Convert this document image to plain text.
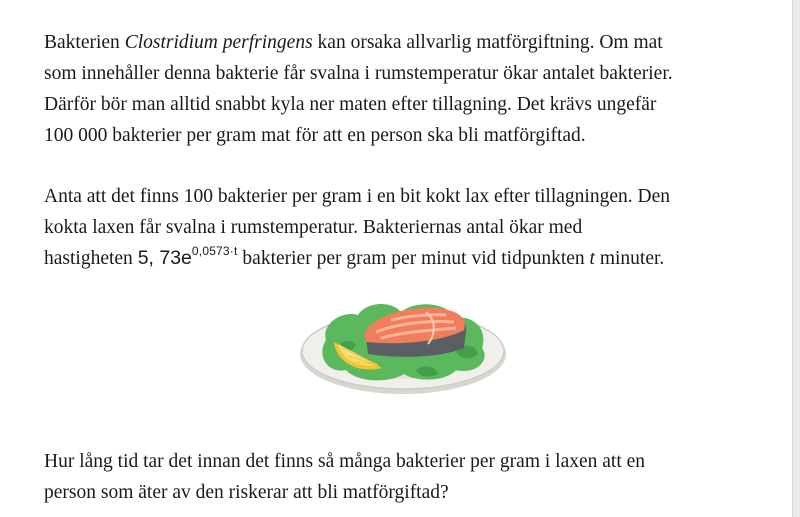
Bakterien Clostridium perfringens kan orsaka allvarlig matförgiftning. Om mat
som innehåller denna bakterie får svalna i rumstemperatur ökar antalet bakterier.
Därför bör man alltid snabbt kyla ner maten efter tillagning. Det krävs ungefär
100 000 bakterier per gram mat för att en person ska bli matförgiftad.

Anta att det finns 100 bakterier per gram i en bit kokt lax efter tillagningen. Den
kokta laxen får svalna i rumstemperatur. Bakteriernas antal ökar med
hastigheten 5, $73e^{0,0573\cdot t}$ bakterier per gram per minut vid tidpunkten t minuter.

Hur lång tid tar det innan det finns så många bakterier per gram i laxen att en
person som äter av den riskerar att bli matförgiftad?
